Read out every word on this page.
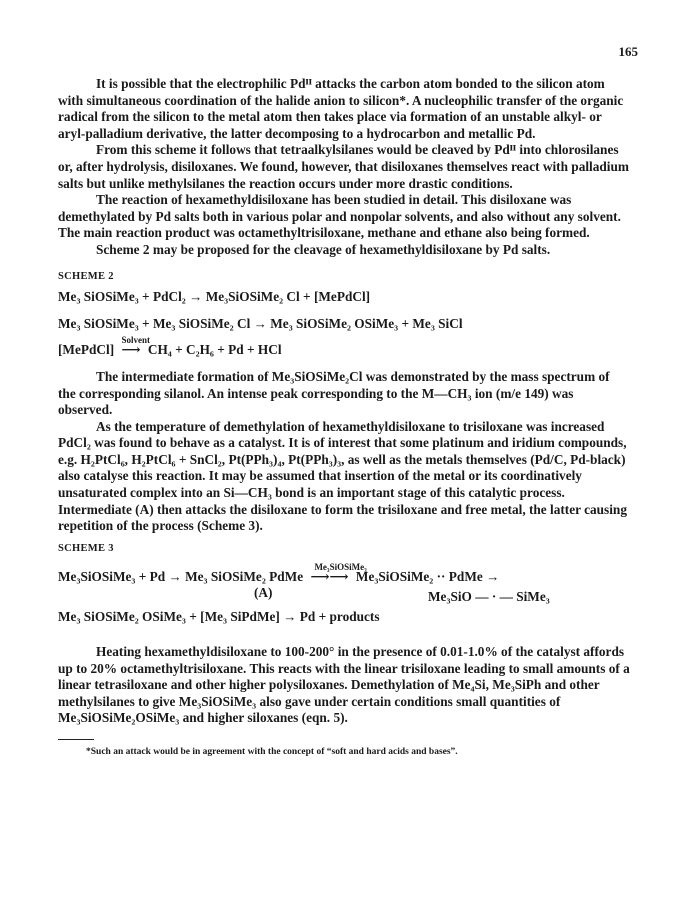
165

It is possible that the electrophilic Pdᴵᴵ attacks the carbon atom bonded to the silicon atom with simultaneous coordination of the halide anion to silicon*. A nucleophilic transfer of the organic radical from the silicon to the metal atom then takes place via formation of an unstable alkyl- or aryl-palladium derivative, the latter decomposing to a hydrocarbon and metallic Pd.

From this scheme it follows that tetraalkylsilanes would be cleaved by Pdᴵᴵ into chlorosilanes or, after hydrolysis, disiloxanes. We found, however, that disiloxanes themselves react with palladium salts but unlike methylsilanes the reaction occurs under more drastic conditions.

The reaction of hexamethyldisiloxane has been studied in detail. This disiloxane was demethylated by Pd salts both in various polar and nonpolar solvents, and also without any solvent. The main reaction product was octamethyltrisiloxane, methane and ethane also being formed.

Scheme 2 may be proposed for the cleavage of hexamethyldisiloxane by Pd salts.

SCHEME 2
Me₃ SiOSiMe₃ + PdCl₂ → Me₃SiOSiMe₂ Cl + [MePdCl]
Me₃ SiOSiMe₃ + Me₃ SiOSiMe₂ Cl → Me₃ SiOSiMe₂ OSiMe₃ + Me₃ SiCl
[MePdCl]
Solvent
⟶ CH₄ + C₂H₆ + Pd + HCl

The intermediate formation of Me₃SiOSiMe₂Cl was demonstrated by the mass spectrum of the corresponding silanol. An intense peak corresponding to the M—CH₃ ion (m/e 149) was observed.

As the temperature of demethylation of hexamethyldisiloxane to trisiloxane was increased PdCl₂ was found to behave as a catalyst. It is of interest that some platinum and iridium compounds, e.g. H₂PtCl₆, H₂PtCl₆ + SnCl₂, Pt(PPh₃)₄, Pt(PPh₃)₃, as well as the metals themselves (Pd/C, Pd-black) also catalyse this reaction. It may be assumed that insertion of the metal or its coordinatively unsaturated complex into an Si—CH₃ bond is an important stage of this catalytic process. Intermediate (A) then attacks the disiloxane to form the trisiloxane and free metal, the latter causing repetition of the process (Scheme 3).

SCHEME 3
Me₃SiOSiMe₃ + Pd → Me₃ SiOSiMe₂ PdMe
Me₃SiOSiMe₃
⟶⟶ Me₃SiOSiMe₂ ·· PdMe →
(A)	Me₃SiO — · — SiMe₃
Me₃ SiOSiMe₂ OSiMe₃ + [Me₃ SiPdMe] → Pd + products

Heating hexamethyldisiloxane to 100-200° in the presence of 0.01-1.0% of the catalyst affords up to 20% octamethyltrisiloxane. This reacts with the linear trisiloxane leading to small amounts of a linear tetrasiloxane and other higher polysiloxanes. Demethylation of Me₄Si, Me₃SiPh and other methylsilanes to give Me₃SiOSiMe₃ also gave under certain conditions small quantities of Me₃SiOSiMe₂OSiMe₃ and higher siloxanes (eqn. 5).

*Such an attack would be in agreement with the concept of “soft and hard acids and bases”.
